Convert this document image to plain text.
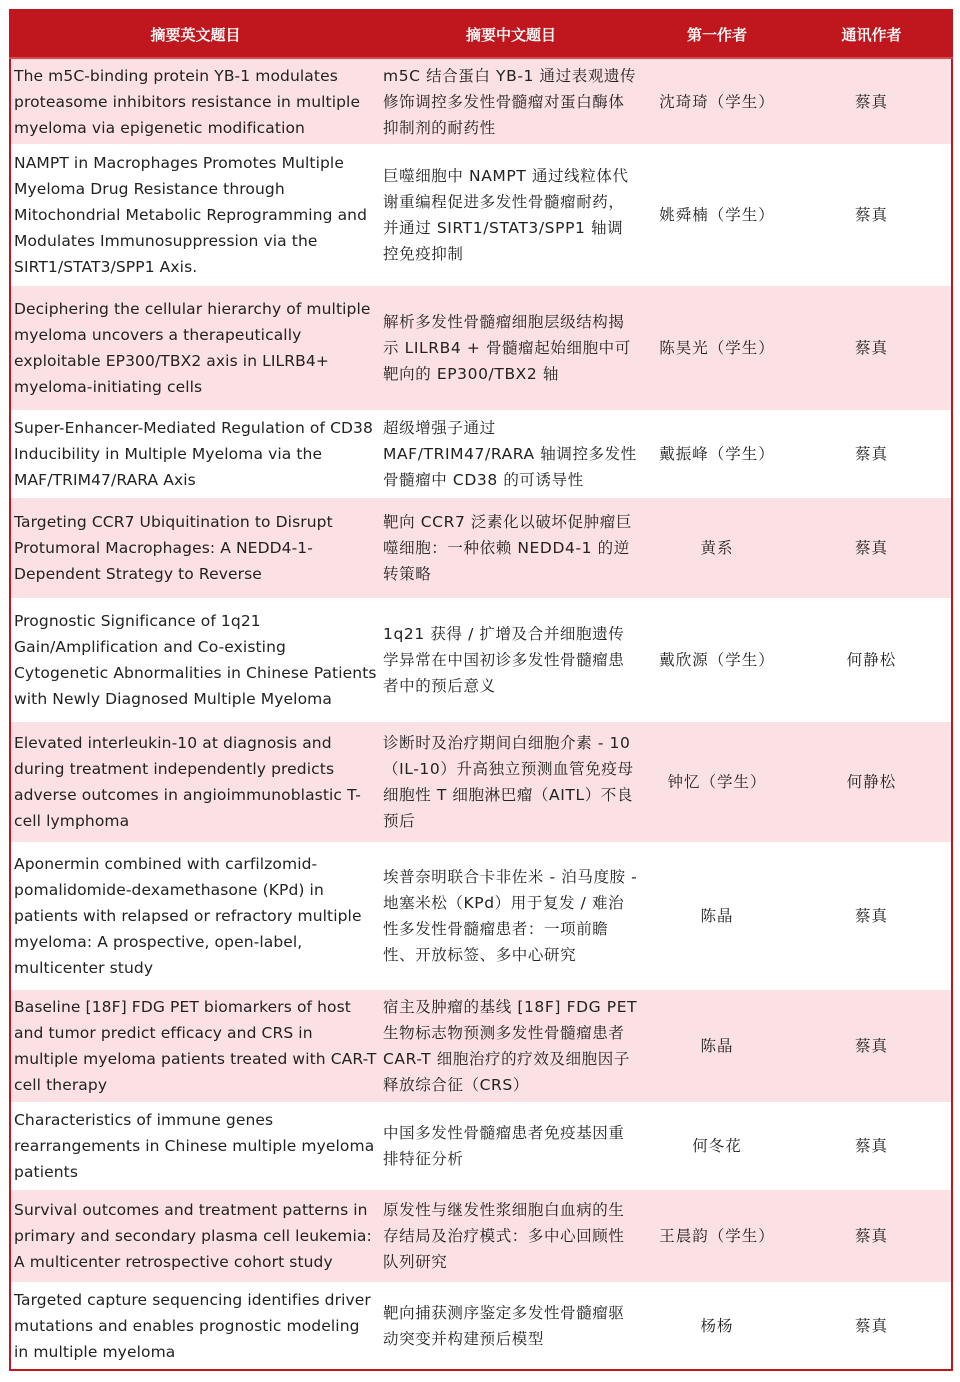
摘要英文题目	摘要中文题目	第一作者	通讯作者
The m5C-binding protein YB-1 modulates proteasome inhibitors resistance in multiple myeloma via epigenetic modification	m5C 结合蛋白 YB-1 通过表观遗传修饰调控多发性骨髓瘤对蛋白酶体抑制剂的耐药性	沈琦琦（学生）	蔡真
NAMPT in Macrophages Promotes Multiple Myeloma Drug Resistance through Mitochondrial Metabolic Reprogramming and Modulates Immunosuppression via the SIRT1/STAT3/SPP1 Axis.	巨噬细胞中 NAMPT 通过线粒体代谢重编程促进多发性骨髓瘤耐药，并通过 SIRT1/STAT3/SPP1 轴调控免疫抑制	姚舜楠（学生）	蔡真
Deciphering the cellular hierarchy of multiple myeloma uncovers a therapeutically exploitable EP300/TBX2 axis in LILRB4+ myeloma-initiating cells	解析多发性骨髓瘤细胞层级结构揭示 LILRB4 + 骨髓瘤起始细胞中可靶向的 EP300/TBX2 轴	陈昊光（学生）	蔡真
Super-Enhancer-Mediated Regulation of CD38 Inducibility in Multiple Myeloma via the MAF/TRIM47/RARA Axis	超级增强子通过 MAF/TRIM47/RARA 轴调控多发性骨髓瘤中 CD38 的可诱导性	戴振峰（学生）	蔡真
Targeting CCR7 Ubiquitination to Disrupt Protumoral Macrophages: A NEDD4-1-Dependent Strategy to Reverse	靶向 CCR7 泛素化以破坏促肿瘤巨噬细胞：一种依赖 NEDD4-1 的逆转策略	黄系	蔡真
Prognostic Significance of 1q21 Gain/Amplification and Co-existing Cytogenetic Abnormalities in Chinese Patients with Newly Diagnosed Multiple Myeloma	1q21 获得 / 扩增及合并细胞遗传学异常在中国初诊多发性骨髓瘤患者中的预后意义	戴欣源（学生）	何静松
Elevated interleukin-10 at diagnosis and during treatment independently predicts adverse outcomes in angioimmunoblastic T-cell lymphoma	诊断时及治疗期间白细胞介素 - 10（IL-10）升高独立预测血管免疫母细胞性 T 细胞淋巴瘤（AITL）不良预后	钟忆（学生）	何静松
Aponermin combined with carfilzomid-pomalidomide-dexamethasone (KPd) in patients with relapsed or refractory multiple myeloma: A prospective, open-label, multicenter study	埃普奈明联合卡非佐米 - 泊马度胺 - 地塞米松（KPd）用于复发 / 难治性多发性骨髓瘤患者：一项前瞻性、开放标签、多中心研究	陈晶	蔡真
Baseline [18F] FDG PET biomarkers of host and tumor predict efficacy and CRS in multiple myeloma patients treated with CAR-T cell therapy	宿主及肿瘤的基线 [18F] FDG PET 生物标志物预测多发性骨髓瘤患者 CAR-T 细胞治疗的疗效及细胞因子释放综合征（CRS）	陈晶	蔡真
Characteristics of immune genes rearrangements in Chinese multiple myeloma patients	中国多发性骨髓瘤患者免疫基因重排特征分析	何冬花	蔡真
Survival outcomes and treatment patterns in primary and secondary plasma cell leukemia: A multicenter retrospective cohort study	原发性与继发性浆细胞白血病的生存结局及治疗模式：多中心回顾性队列研究	王晨韵（学生）	蔡真
Targeted capture sequencing identifies driver mutations and enables prognostic modeling in multiple myeloma	靶向捕获测序鉴定多发性骨髓瘤驱动突变并构建预后模型	杨杨	蔡真
